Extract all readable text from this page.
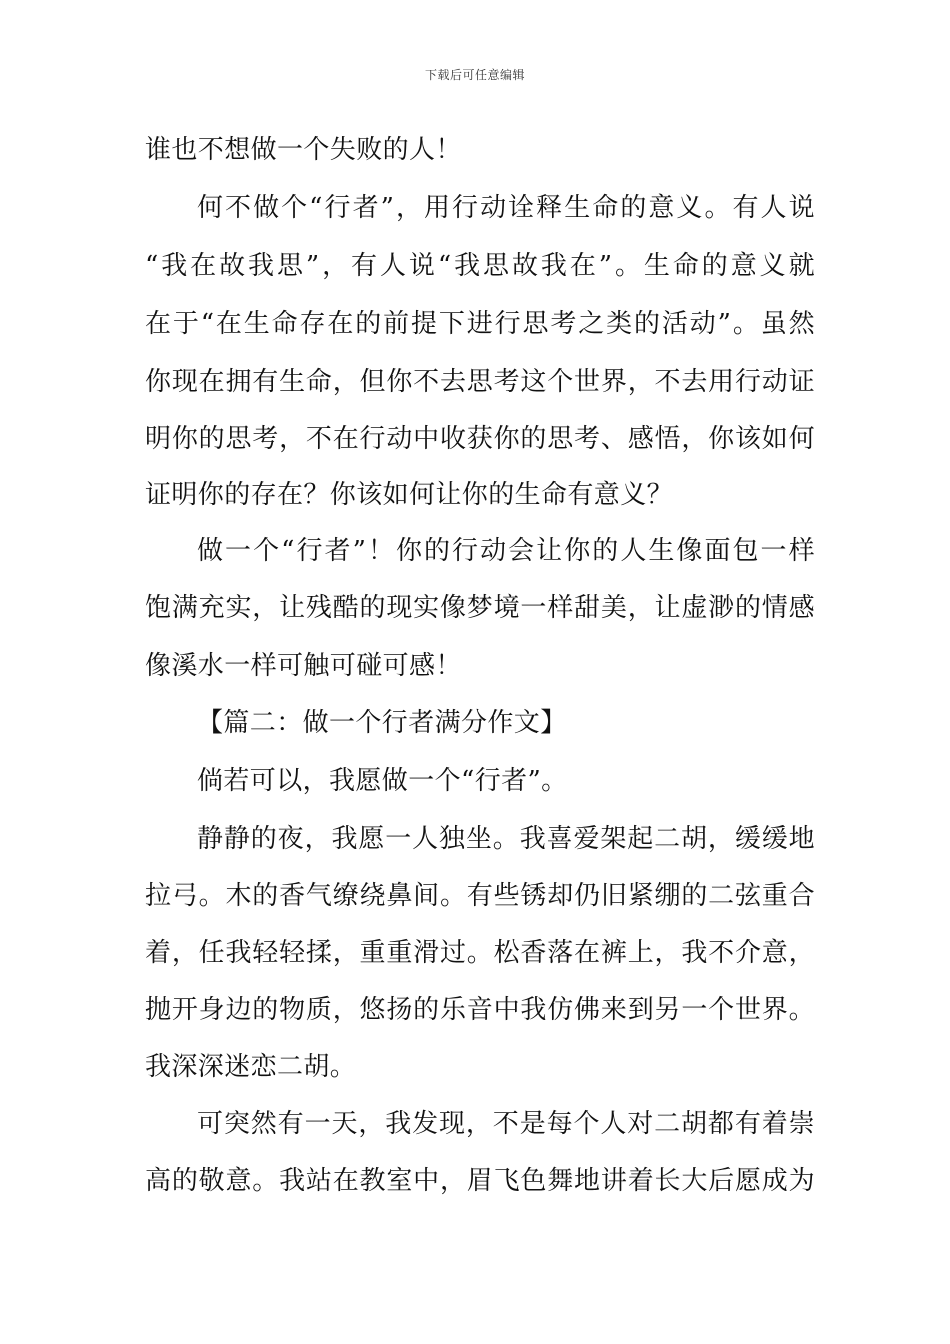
下载后可任意编辑
谁也不想做一个失败的人！
何不做个“行者”，用行动诠释生命的意义。有人说
“我在故我思”，有人说“我思故我在”。生命的意义就
在于“在生命存在的前提下进行思考之类的活动”。虽然
你现在拥有生命，但你不去思考这个世界，不去用行动证
明你的思考，不在行动中收获你的思考、感悟，你该如何
证明你的存在？你该如何让你的生命有意义？
做一个“行者”！你的行动会让你的人生像面包一样
饱满充实，让残酷的现实像梦境一样甜美，让虚渺的情感
像溪水一样可触可碰可感！
【篇二：做一个行者满分作文】
倘若可以，我愿做一个“行者”。
静静的夜，我愿一人独坐。我喜爱架起二胡，缓缓地
拉弓。木的香气缭绕鼻间。有些锈却仍旧紧绷的二弦重合
着，任我轻轻揉，重重滑过。松香落在裤上，我不介意，
抛开身边的物质，悠扬的乐音中我仿佛来到另一个世界。
我深深迷恋二胡。
可突然有一天，我发现，不是每个人对二胡都有着崇
高的敬意。我站在教室中，眉飞色舞地讲着长大后愿成为
